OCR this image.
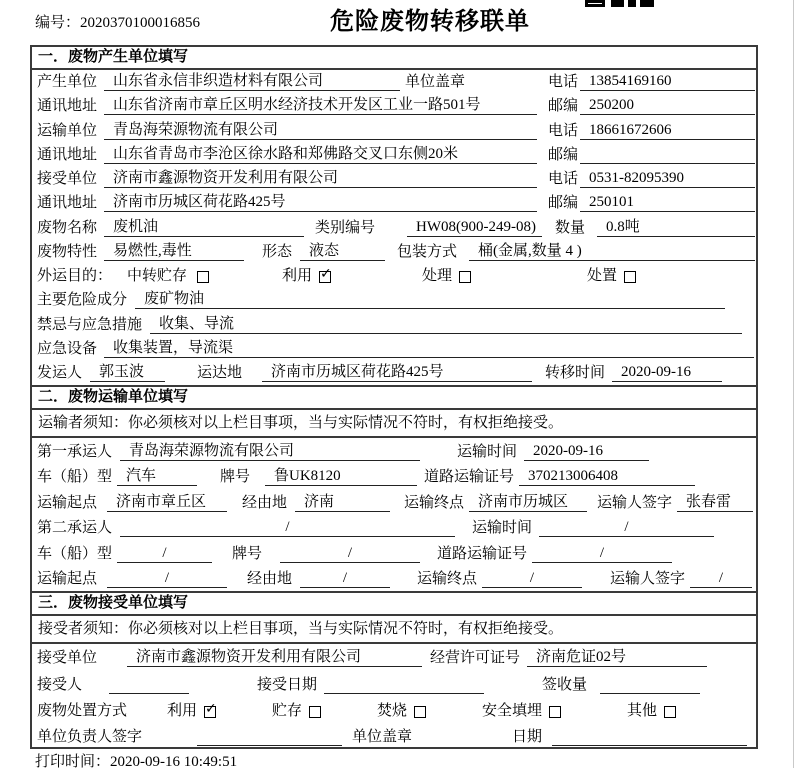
编号：2020370100016856	危险废物转移联单
一．废物产生单位填写
产生单位	山东省永信非织造材料有限公司	单位盖章	电话 13854169160
通讯地址	山东省济南市章丘区明水经济技术开发区工业一路501号	邮编 250200
运输单位	青岛海荣源物流有限公司	电话 18661672606
通讯地址	山东省青岛市李沧区徐水路和郑佛路交叉口东侧20米	邮编
接受单位	济南市鑫源物资开发利用有限公司	电话 0531-82095390
通讯地址	济南市历城区荷花路425号	邮编 250101
废物名称	废机油	类别编号	HW08(900-249-08)	数量	0.8吨
废物特性	易燃性,毒性	形态	液态	包装方式	桶(金属,数量 4 )
外运目的： 中转贮存	利用 ✓	处理	处置
主要危险成分	废矿物油
禁忌与应急措施	收集、导流
应急设备	收集装置，导流渠
发运人	郭玉波	运达地	济南市历城区荷花路425号	转移时间	2020-09-16
二．废物运输单位填写
运输者须知：你必须核对以上栏目事项，当与实际情况不符时，有权拒绝接受。
第一承运人	青岛海荣源物流有限公司	运输时间	2020-09-16
车（船）型 汽车	牌号	鲁UK8120	道路运输证号 370213006408
运输起点	济南市章丘区	经由地	济南	运输终点 济南市历城区	运输人签字 张春雷
第二承运人	/	运输时间	/
车（船）型	/	牌号	/	道路运输证号	/
运输起点	/	经由地	/	运输终点	/	运输人签字	/
三．废物接受单位填写
接受者须知：你必须核对以上栏目事项，当与实际情况不符时，有权拒绝接受。
接受单位	济南市鑫源物资开发利用有限公司	经营许可证号	济南危证02号
接受人	接受日期	签收量
废物处置方式	利用 ✓	贮存	焚烧	安全填埋	其他
单位负责人签字	单位盖章	日期
打印时间：2020-09-16 10:49:51
